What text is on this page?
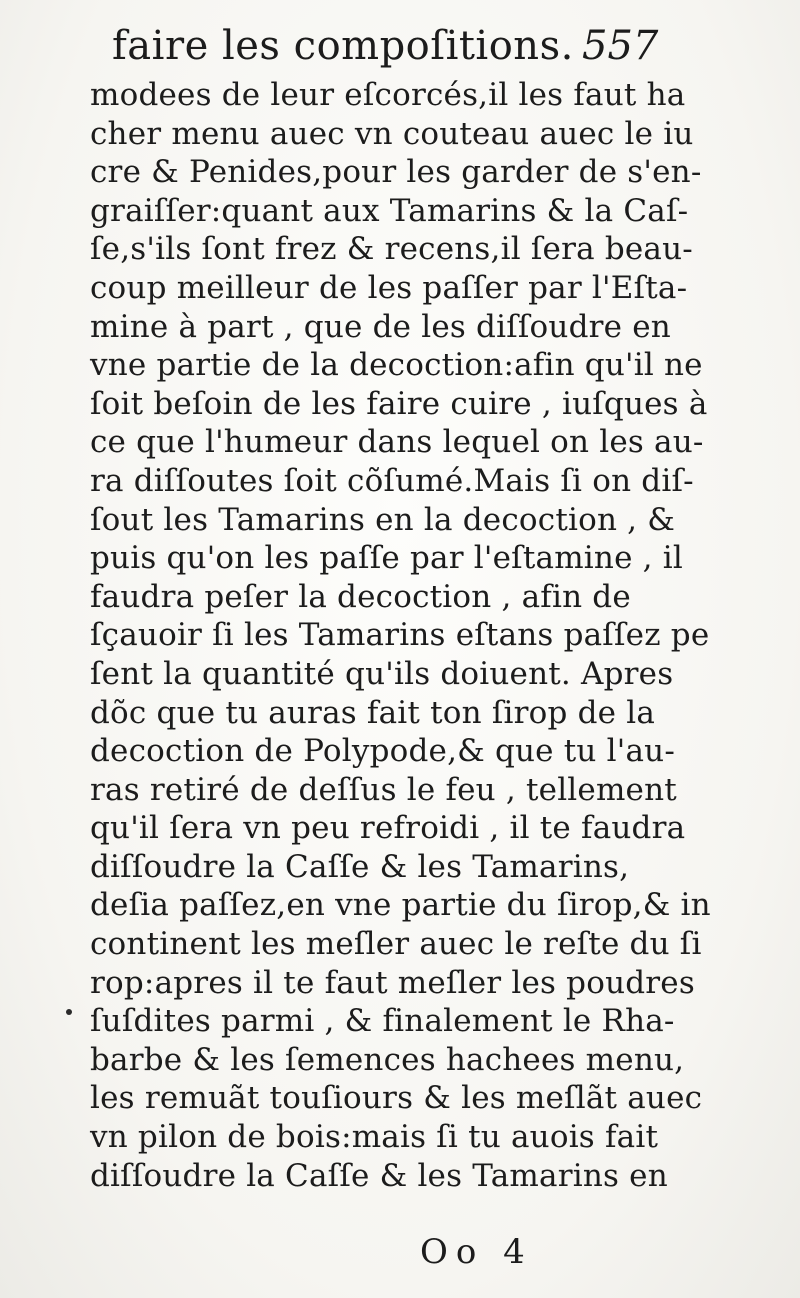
faire les compoſitions. 557
modees de leur eſcorcés,il les faut ha
cher menu auec vn couteau auec le iu
cre & Penides,pour les garder de s'en-
graiſſer:quant aux Tamarins & la Caſ-
ſe,s'ils ſont frez & recens,il ſera beau-
coup meilleur de les paſſer par l'Eſta-
mine à part , que de les diſſoudre en
vne partie de la decoction:afin qu'il ne
ſoit beſoin de les faire cuire , iuſques à
ce que l'humeur dans lequel on les au-
ra diſſoutes ſoit cõſumé.Mais ſi on diſ-
ſout les Tamarins en la decoction , &
puis qu'on les paſſe par l'eſtamine , il
faudra peſer la decoction , afin de
ſçauoir ſi les Tamarins eſtans paſſez pe
ſent la quantité qu'ils doiuent. Apres
dõc que tu auras fait ton ſirop de la
decoction de Polypode,& que tu l'au-
ras retiré de deſſus le feu , tellement
qu'il ſera vn peu refroidi , il te faudra
diſſoudre la Caſſe & les Tamarins,
deſia paſſez,en vne partie du ſirop,& in
continent les meſler auec le reſte du ſi
rop:apres il te faut meſler les poudres
ſuſdites parmi , & finalement le Rha-
barbe & les ſemences hachees menu,
les remuãt touſiours & les meſlãt auec
vn pilon de bois:mais ſi tu auois fait
diſſoudre la Caſſe & les Tamarins en
Oo 4
